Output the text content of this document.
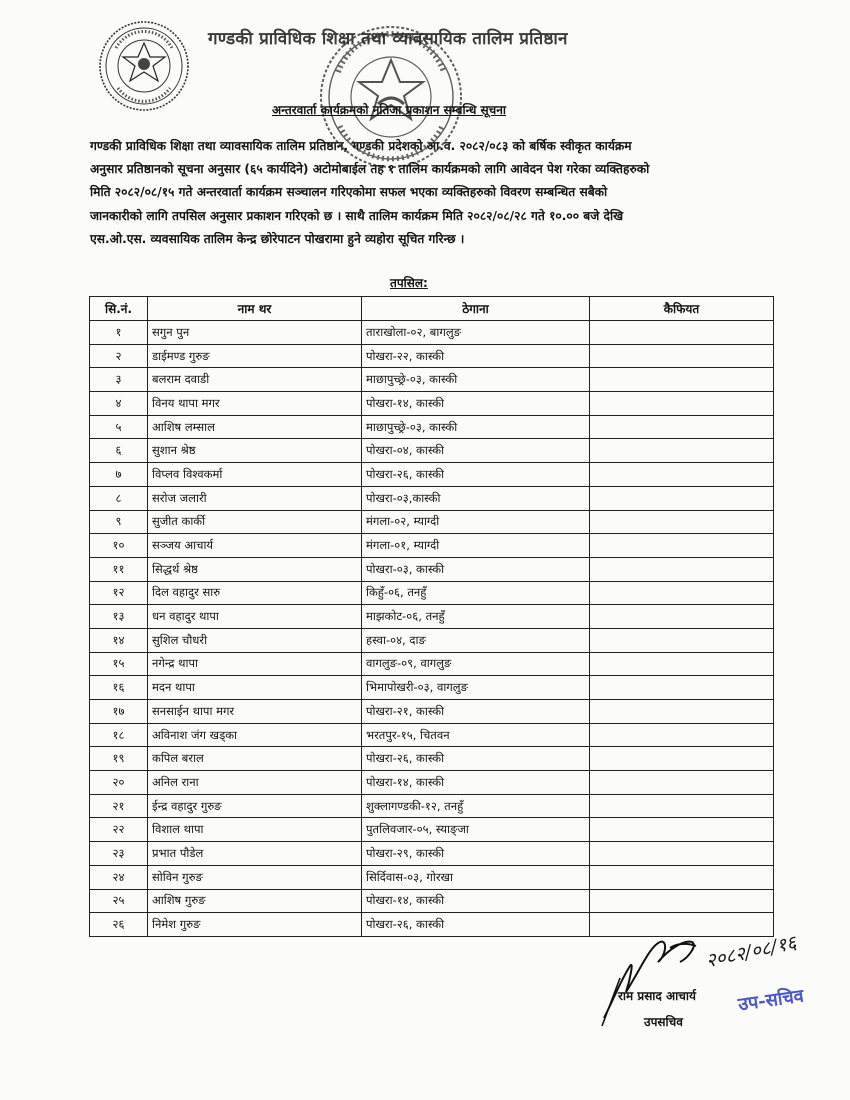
गण्डकी प्राविधिक शिक्षा तथा व्यावसायिक तालिम प्रतिष्ठान
अन्तरवार्ता कार्यक्रमको नतिजा प्रकाशन सम्बन्धि सूचना

गण्डकी प्राविधिक शिक्षा तथा व्यावसायिक तालिम प्रतिष्ठान, गण्डकी प्रदेशको आ.व. २०८२/०८३ को बर्षिक स्वीकृत कार्यक्रम

अनुसार प्रतिष्ठानको सूचना अनुसार (६५ कार्यदिने) अटोमोबाईल तह १ तालिम कार्यक्रमको लागि आवेदन पेश गरेका व्यक्तिहरुको

मिति २०८२/०८/१५ गते अन्तरवार्ता कार्यक्रम सञ्चालन गरिएकोमा सफल भएका व्यक्तिहरुको विवरण सम्बन्धित सबैको

जानकारीको लागि तपसिल अनुसार प्रकाशन गरिएको छ । साथै तालिम कार्यक्रम मिति २०८२/०८/२८ गते १०.०० बजे देखि

एस.ओ.एस. व्यवसायिक तालिम केन्द्र छोरेपाटन पोखरामा हुने व्यहोरा सूचित गरिन्छ ।

तपसिल:
सि.नं.	नाम थर	ठेगाना	कैफियत
१	सगुन पुन	ताराखोला-०२, बागलुङ	
२	डाईमण्ड गुरुङ	पोखरा-२२, कास्की	
३	बलराम दवाडी	माछापुच्छ्रे-०३, कास्की	
४	विनय थापा मगर	पोखरा-१४, कास्की	
५	आशिष लम्साल	माछापुच्छ्रे-०३, कास्की	
६	सुशान श्रेष्ठ	पोखरा-०४, कास्की	
७	विप्लव विश्वकर्मा	पोखरा-२६, कास्की	
८	सरोज जलारी	पोखरा-०३,कास्की	
९	सुजीत कार्की	मंगला-०२, म्याग्दी	
१०	सञ्जय आचार्य	मंगला-०१, म्याग्दी	
११	सिद्धर्थ श्रेष्ठ	पोखरा-०३, कास्की	
१२	दिल वहादुर सारु	किहुँ-०६, तनहुँ	
१३	धन वहादुर थापा	माझकोट-०६, तनहुँ	
१४	सुशिल चौधरी	हस्वा-०४, दाङ	
१५	नगेन्द्र थापा	वागलुङ-०९, वागलुङ	
१६	मदन थापा	भिमापोखरी-०३, वागलुङ	
१७	सनसाईन थापा मगर	पोखरा-२१, कास्की	
१८	अविनाश जंग खड्का	भरतपुर-१५, चितवन	
१९	कपिल बराल	पोखरा-२६, कास्की	
२०	अनिल राना	पोखरा-१४, कास्की	
२१	ईन्द्र वहादुर गुरुङ	शुक्लागण्डकी-१२, तनहुँ	
२२	विशाल थापा	पुतलिवजार-०५, स्याङ्जा	
२३	प्रभात पौडेल	पोखरा-२९, कास्की	
२४	सोविन गुरुङ	सिर्दिवास-०३, गोरखा	
२५	आशिष गुरुङ	पोखरा-१४, कास्की	
२६	निमेश गुरुङ	पोखरा-२६, कास्की	
२०८२/०८/१६
राम प्रसाद आचार्य
उपसचिव
उप-सचिव
